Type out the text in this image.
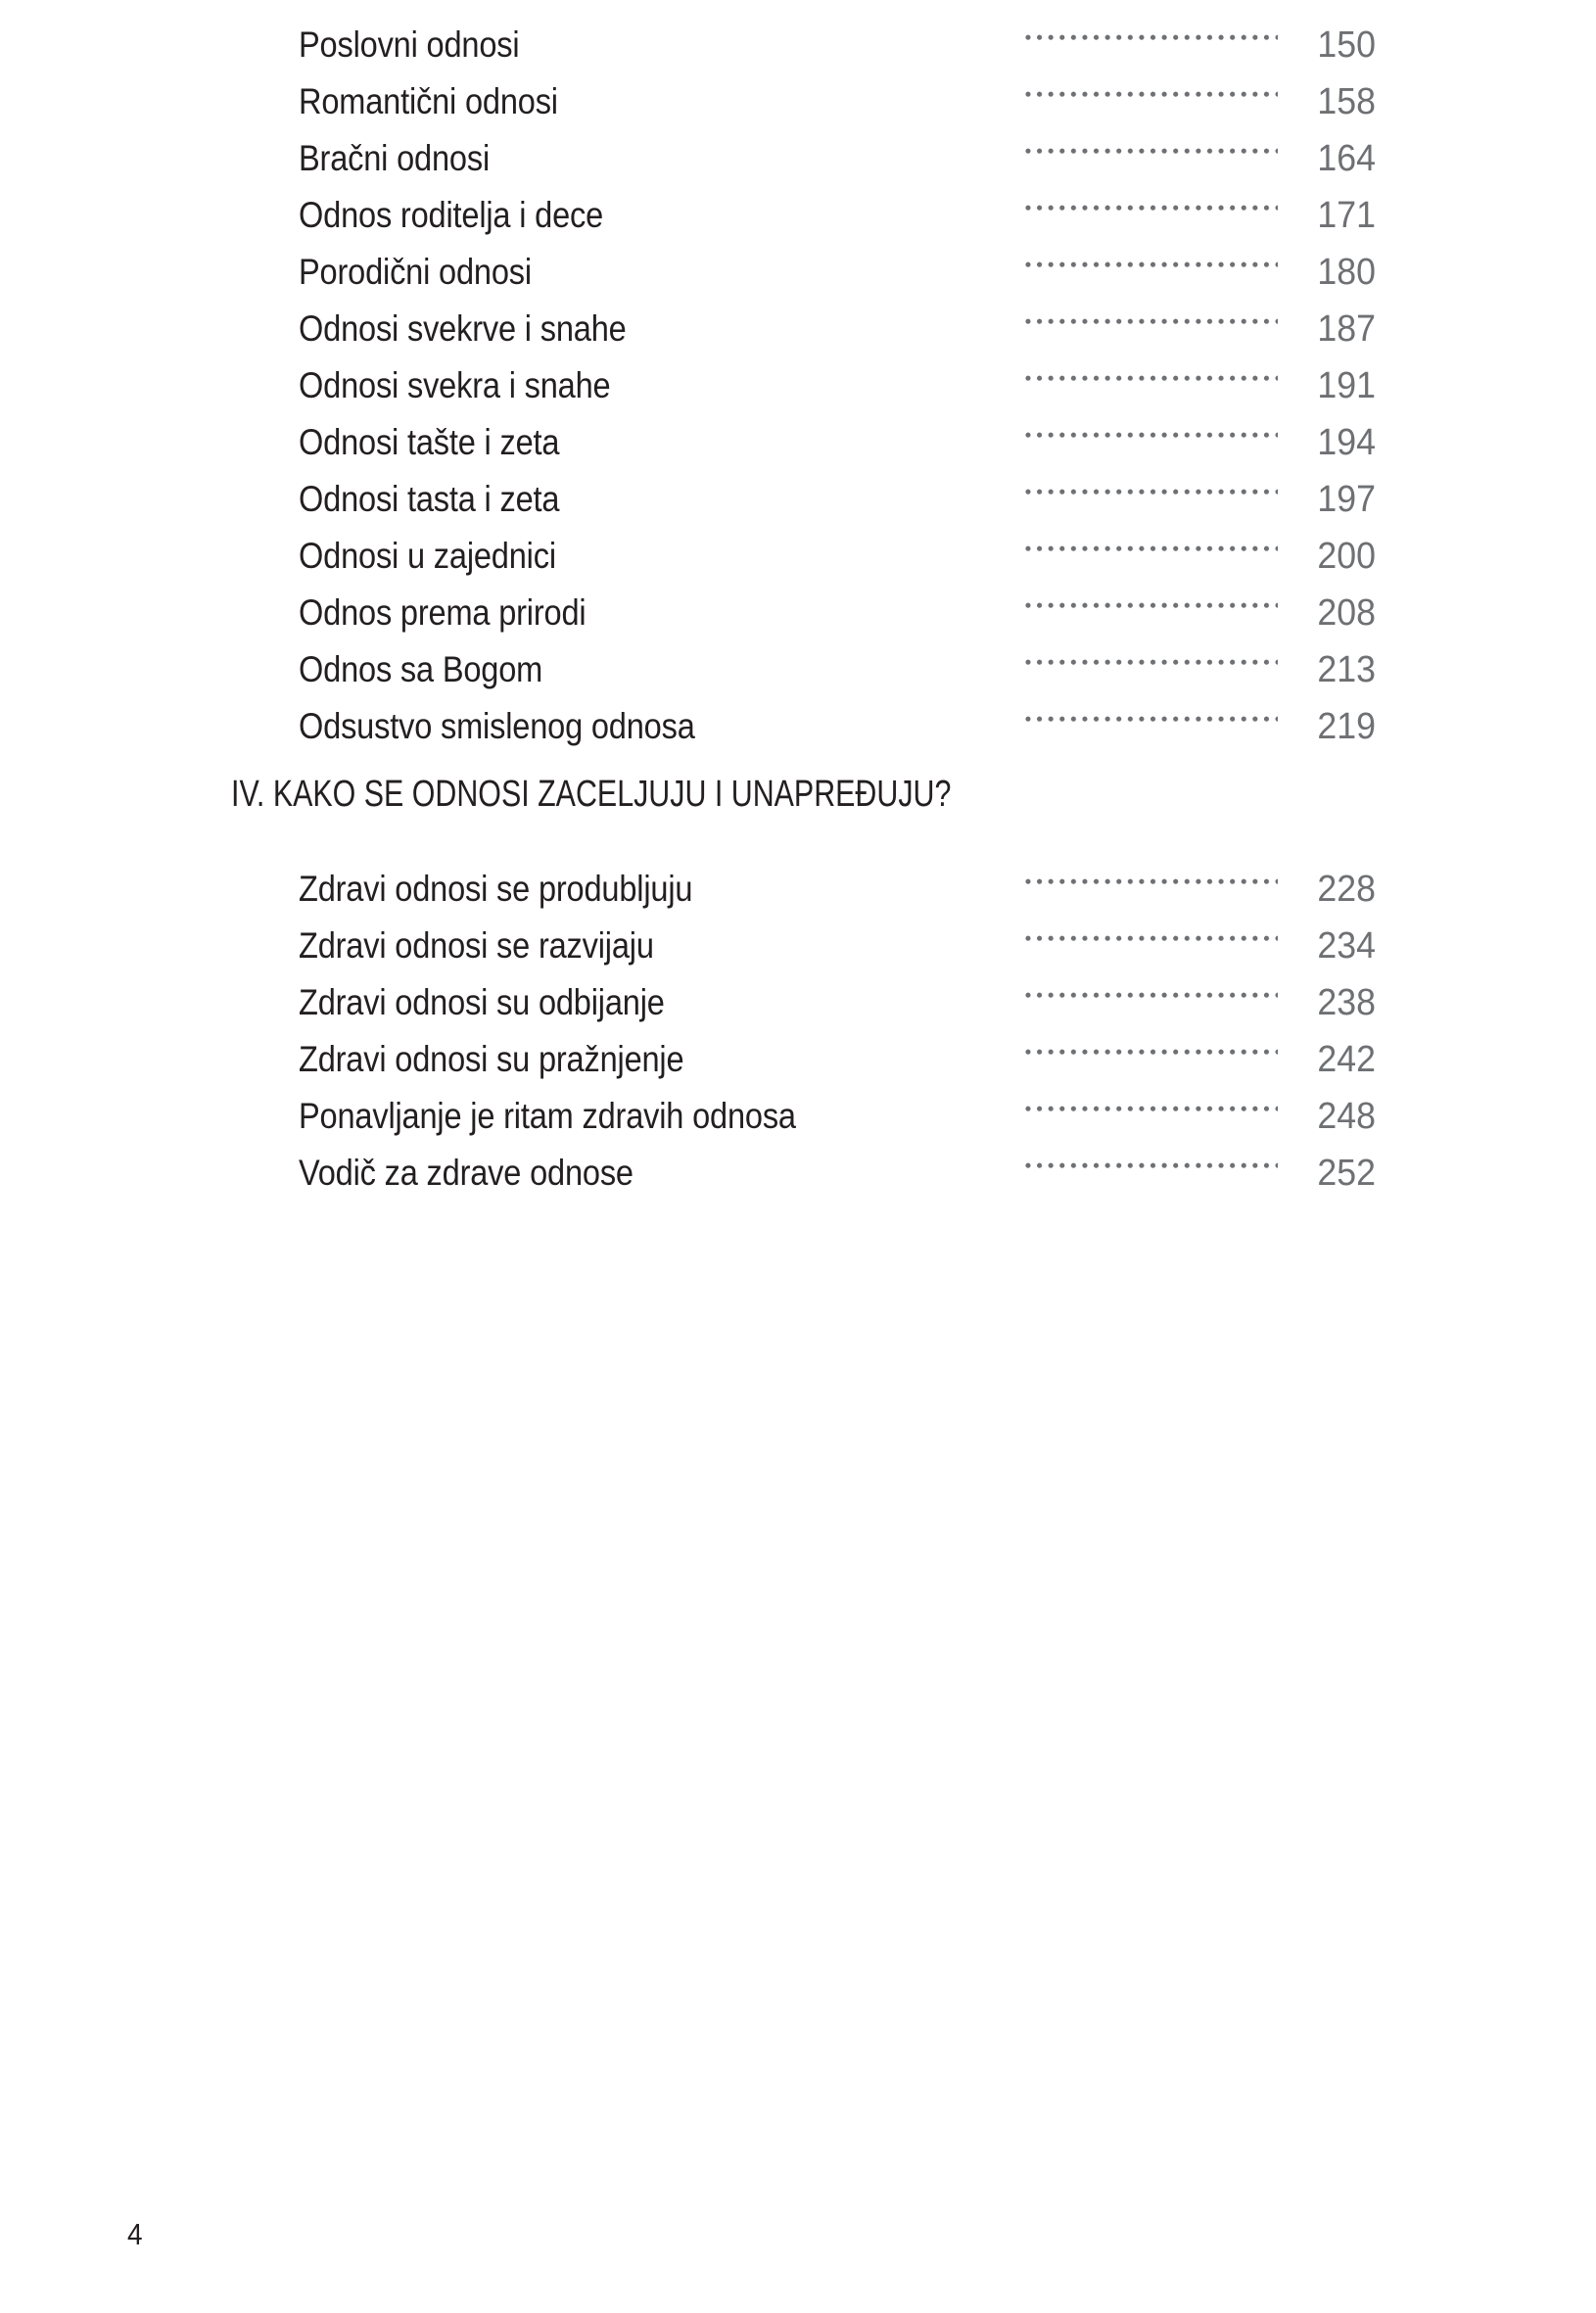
Poslovni odnosi	150
Romantični odnosi	158
Bračni odnosi	164
Odnos roditelja i dece	171
Porodični odnosi	180
Odnosi svekrve i snahe	187
Odnosi svekra i snahe	191
Odnosi tašte i zeta	194
Odnosi tasta i zeta	197
Odnosi u zajednici	200
Odnos prema prirodi	208
Odnos sa Bogom	213
Odsustvo smislenog odnosa	219
IV. KAKO SE ODNOSI ZACELJUJU I UNAPREĐUJU?
Zdravi odnosi se produbljuju	228
Zdravi odnosi se razvijaju	234
Zdravi odnosi su odbijanje	238
Zdravi odnosi su pražnjenje	242
Ponavljanje je ritam zdravih odnosa	248
Vodič za zdrave odnose	252
4
